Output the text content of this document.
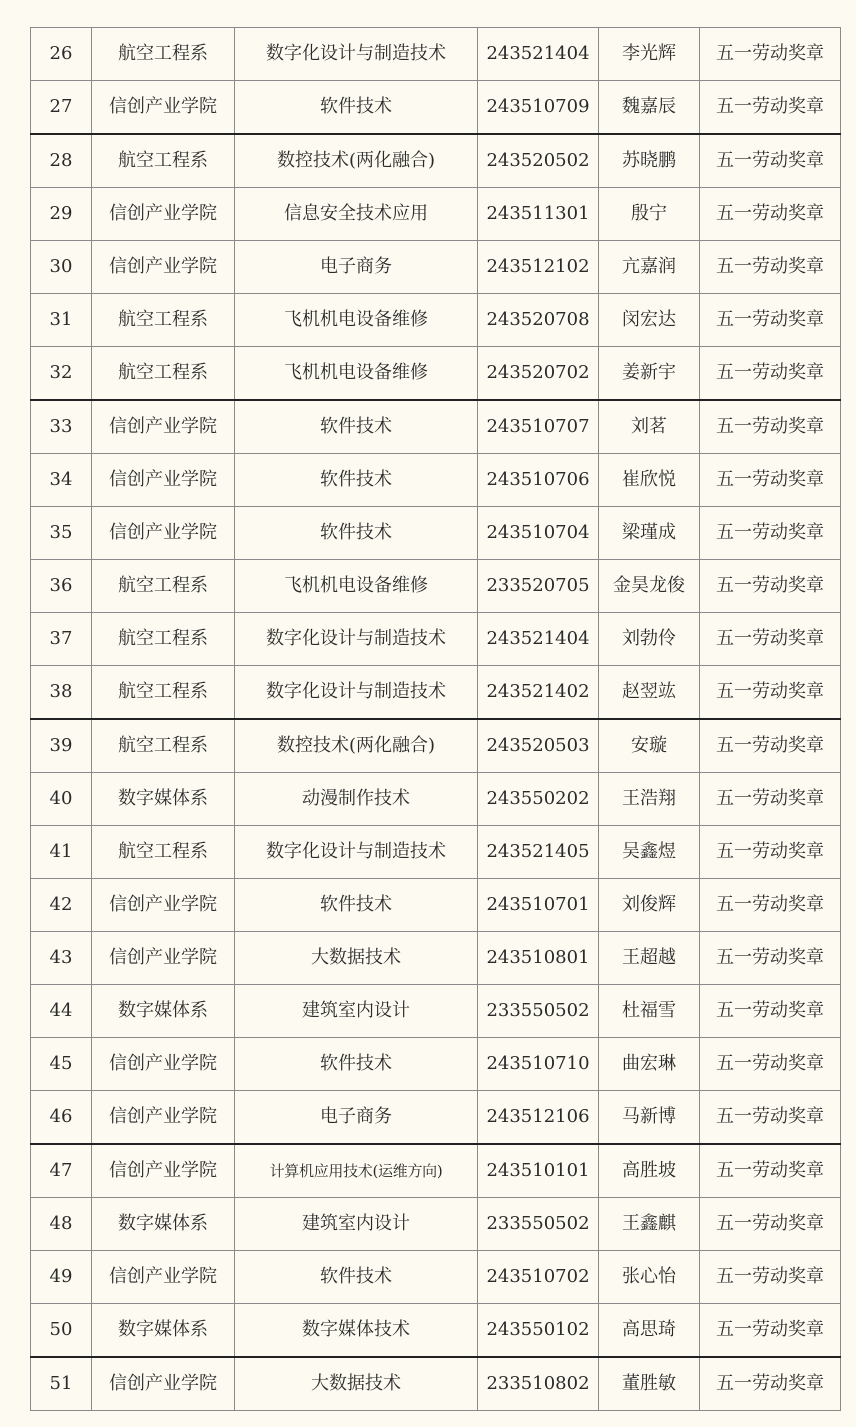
26	航空工程系	数字化设计与制造技术	243521404	李光辉	五一劳动奖章
27	信创产业学院	软件技术	243510709	魏嘉辰	五一劳动奖章
28	航空工程系	数控技术(两化融合)	243520502	苏晓鹏	五一劳动奖章
29	信创产业学院	信息安全技术应用	243511301	殷宁	五一劳动奖章
30	信创产业学院	电子商务	243512102	亢嘉润	五一劳动奖章
31	航空工程系	飞机机电设备维修	243520708	闵宏达	五一劳动奖章
32	航空工程系	飞机机电设备维修	243520702	姜新宇	五一劳动奖章
33	信创产业学院	软件技术	243510707	刘茗	五一劳动奖章
34	信创产业学院	软件技术	243510706	崔欣悦	五一劳动奖章
35	信创产业学院	软件技术	243510704	梁瑾成	五一劳动奖章
36	航空工程系	飞机机电设备维修	233520705	金昊龙俊	五一劳动奖章
37	航空工程系	数字化设计与制造技术	243521404	刘勃伶	五一劳动奖章
38	航空工程系	数字化设计与制造技术	243521402	赵翌竑	五一劳动奖章
39	航空工程系	数控技术(两化融合)	243520503	安璇	五一劳动奖章
40	数字媒体系	动漫制作技术	243550202	王浩翔	五一劳动奖章
41	航空工程系	数字化设计与制造技术	243521405	吴鑫煜	五一劳动奖章
42	信创产业学院	软件技术	243510701	刘俊辉	五一劳动奖章
43	信创产业学院	大数据技术	243510801	王超越	五一劳动奖章
44	数字媒体系	建筑室内设计	233550502	杜福雪	五一劳动奖章
45	信创产业学院	软件技术	243510710	曲宏琳	五一劳动奖章
46	信创产业学院	电子商务	243512106	马新博	五一劳动奖章
47	信创产业学院	计算机应用技术(运维方向)	243510101	高胜坡	五一劳动奖章
48	数字媒体系	建筑室内设计	233550502	王鑫麒	五一劳动奖章
49	信创产业学院	软件技术	243510702	张心怡	五一劳动奖章
50	数字媒体系	数字媒体技术	243550102	高思琦	五一劳动奖章
51	信创产业学院	大数据技术	233510802	董胜敏	五一劳动奖章
